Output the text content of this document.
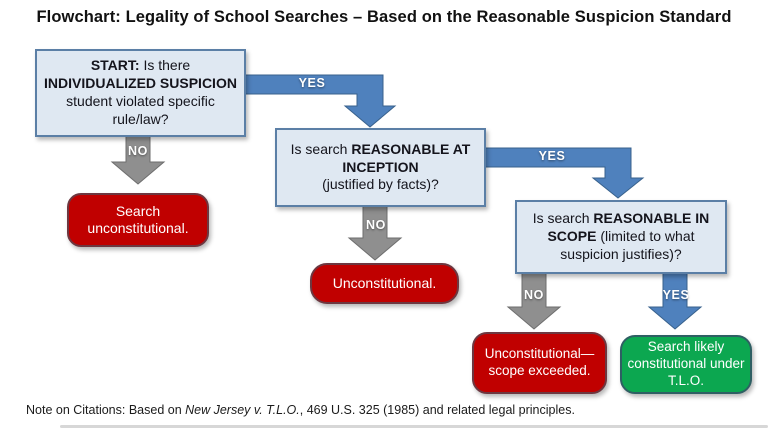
Flowchart: Legality of School Searches – Based on the Reasonable Suspicion Standard
YES
NO	YES
NO
NO	YES
START: Is there
INDIVIDUALIZED SUSPICION
student violated specific
rule/law?
Is search REASONABLE AT
INCEPTION
(justified by facts)?
Is search REASONABLE IN
SCOPE (limited to what
suspicion justifies)?
Search unconstitutional.
Unconstitutional.
Unconstitutional—
scope exceeded.
Search likely constitutional under T.L.O.
Note on Citations: Based on New Jersey v. T.L.O., 469 U.S. 325 (1985) and related legal principles.
